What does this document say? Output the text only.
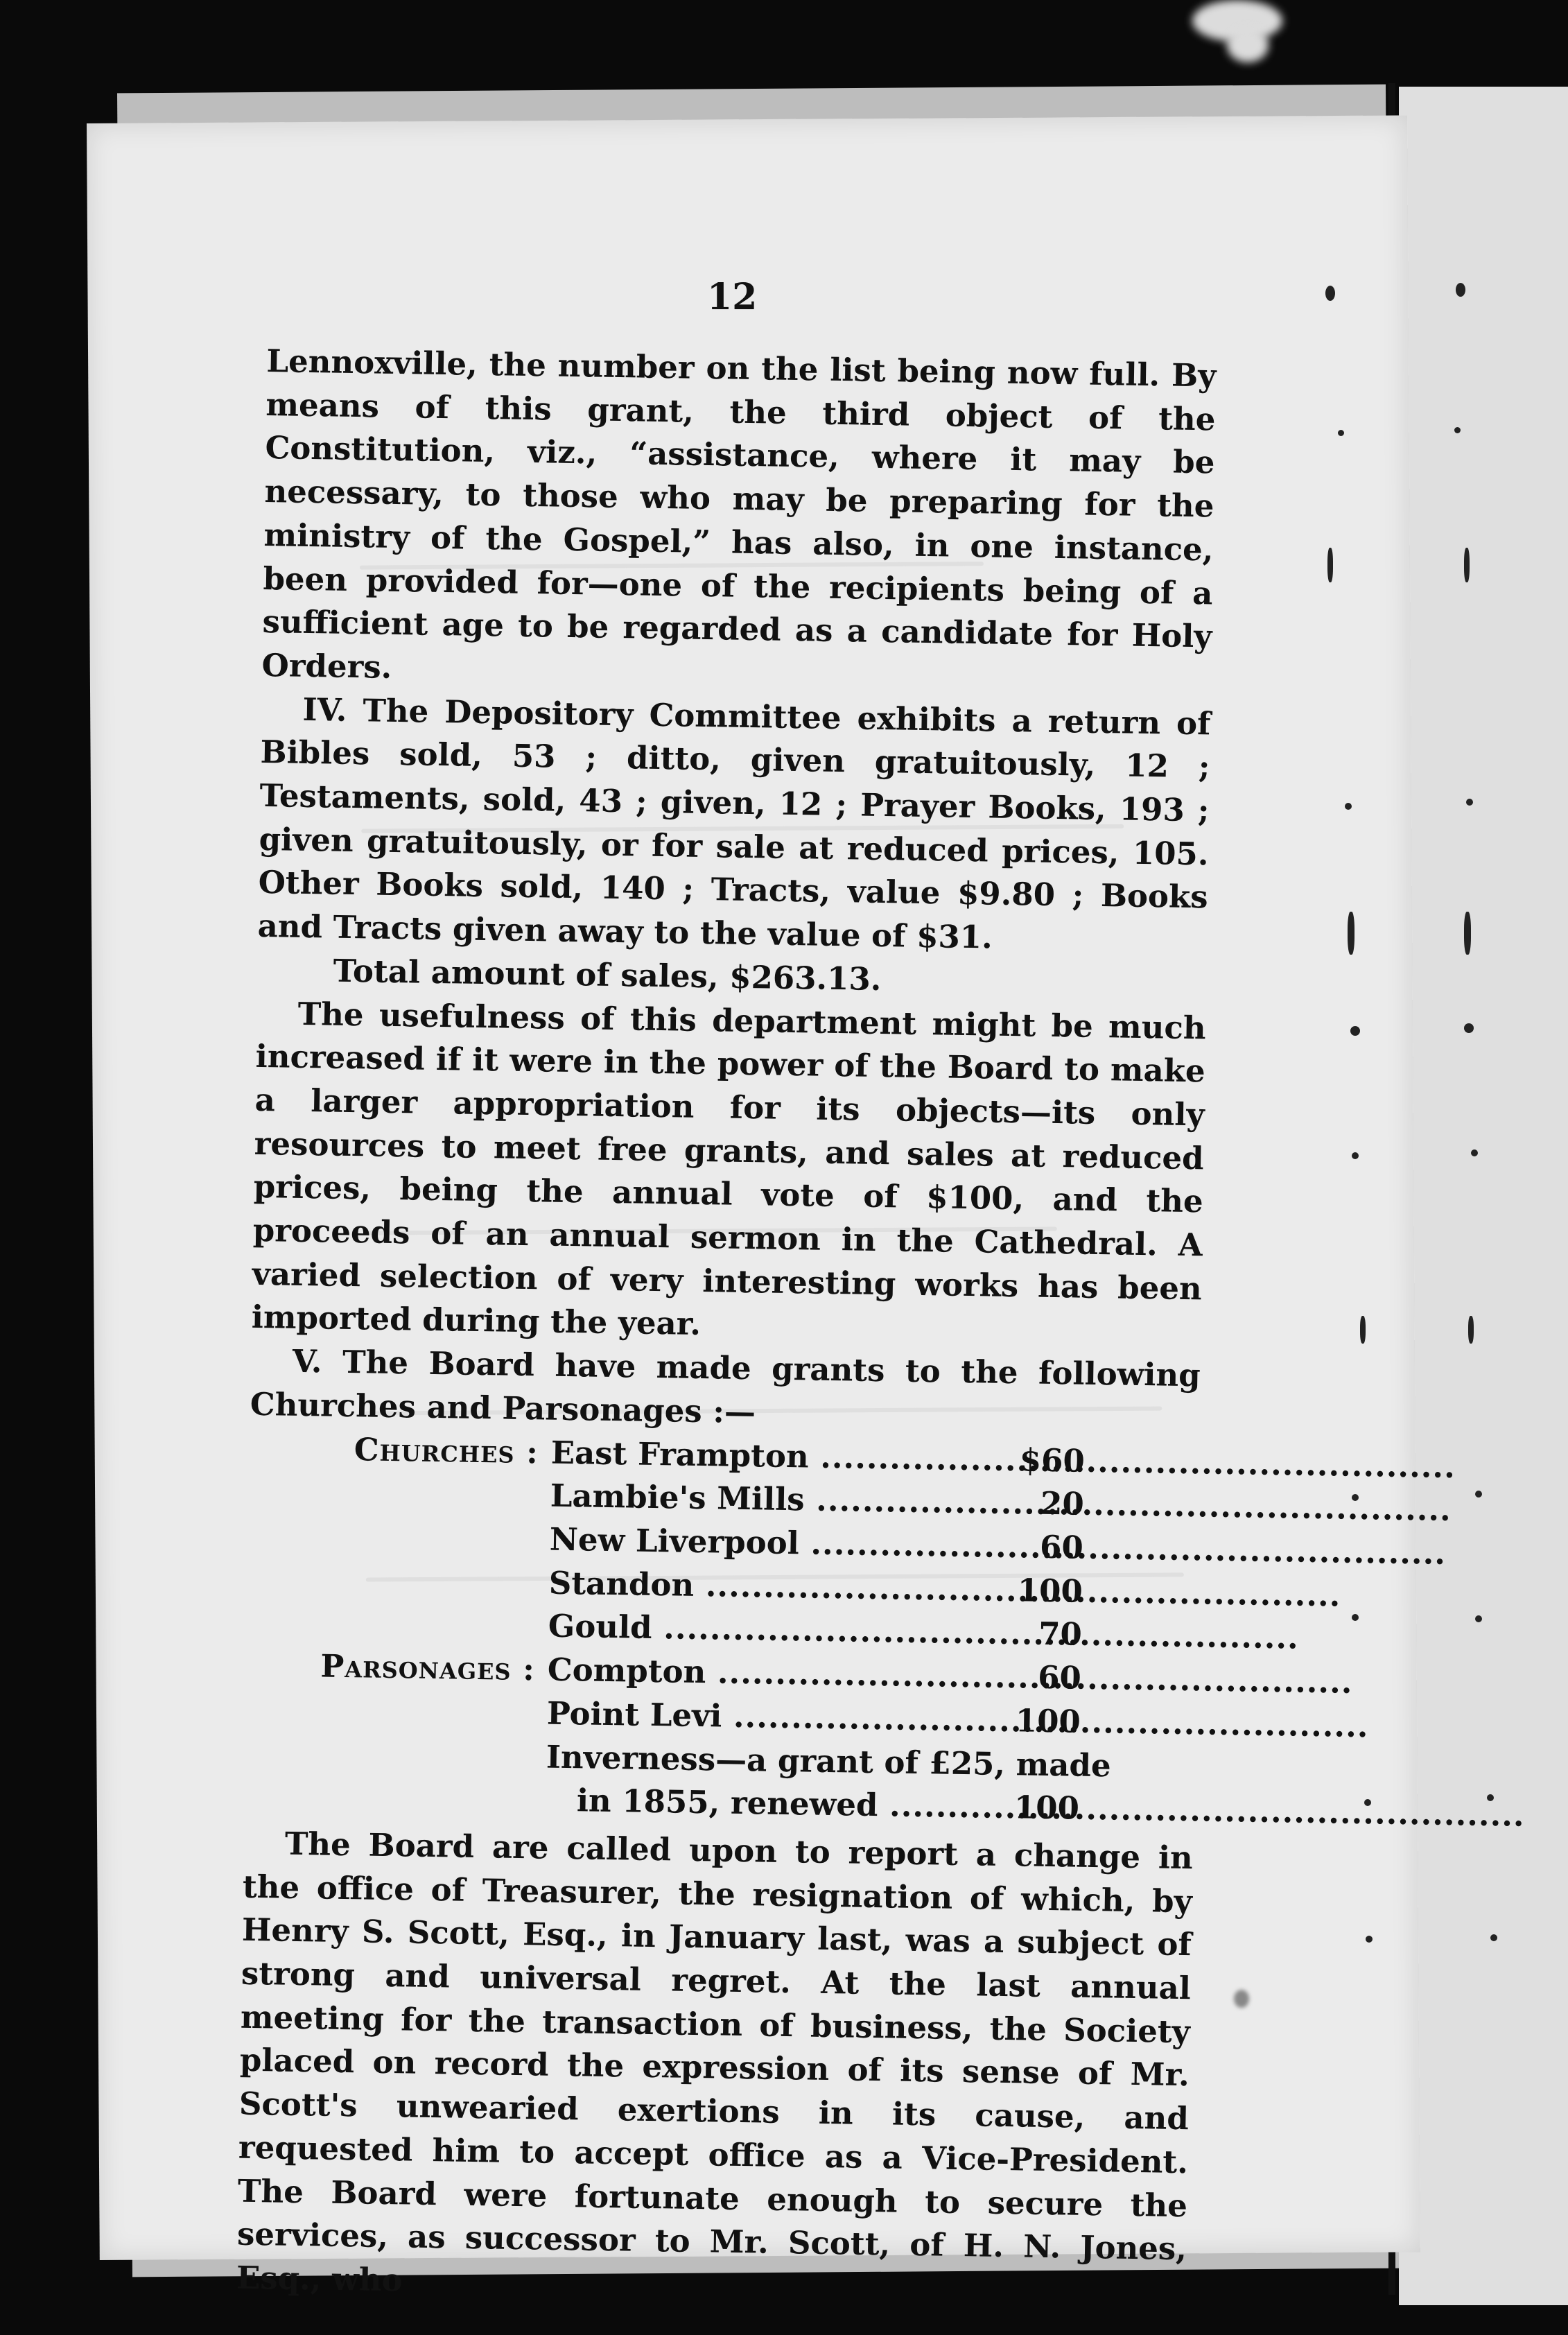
12

Lennoxville, the number on the list being now full. By means of this grant, the third object of the Constitution, viz., “assistance, where it may be necessary, to those who may be preparing for the ministry of the Gospel,” has also, in one instance, been provided for—one of the recipients being of a sufficient age to be regarded as a candidate for Holy Orders.

IV. The Depository Committee exhibits a return of Bibles sold, 53 ; ditto, given gratuitously, 12 ; Testaments, sold, 43 ; given, 12 ; Prayer Books, 193 ; given gratuitously, or for sale at reduced prices, 105. Other Books sold, 140 ; Tracts, value $9.80 ; Books and Tracts given away to the value of $31.

Total amount of sales, $263.13.

The usefulness of this department might be much increased if it were in the power of the Board to make a larger appropriation for its objects—its only resources to meet free grants, and sales at reduced prices, being the annual vote of $100, and the proceeds of an annual sermon in the Cathedral. A varied selection of very interesting works has been imported during the year.

V. The Board have made grants to the following Churches and Parsonages :—

Churches : East Frampton .....	$60
Lambie's Mills .....	20
New Liverpool .....	60
Standon .....	100
Gould .....	70
Parsonages : Compton .....	60
Point Levi .....	100
Inverness—a grant of £25, made
in 1855, renewed .....	100

The Board are called upon to report a change in the office of Treasurer, the resignation of which, by Henry S. Scott, Esq., in January last, was a subject of strong and universal regret. At the last annual meeting for the transaction of business, the Society placed on record the expression of its sense of Mr. Scott's unwearied exertions in its cause, and requested him to accept office as a Vice-President. The Board were fortunate enough to secure the services, as successor to Mr. Scott, of H. N. Jones, Esq., who
